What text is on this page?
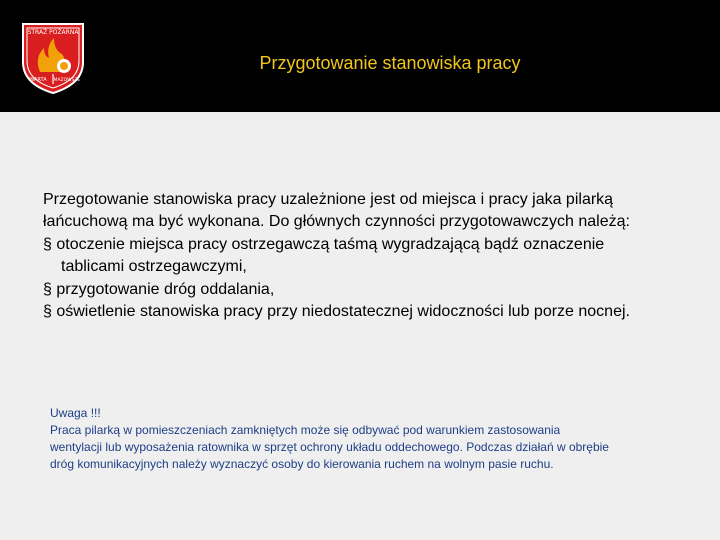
STRAŻ POŻARNA
WARTA MAZOWSZE
Przygotowanie stanowiska pracy

Przegotowanie stanowiska pracy uzależnione jest od miejsca i pracy jaka pilarką łańcuchową ma być wykonana. Do głównych czynności przygotowawczych należą:

§ otoczenie miejsca pracy ostrzegawczą taśmą wygradzającą bądź oznaczenie tablicami ostrzegawczymi,

§ przygotowanie dróg oddalania,

§ oświetlenie stanowiska pracy przy niedostatecznej widoczności lub porze nocnej.

Uwaga !!!

Praca pilarką w pomieszczeniach zamkniętych może się odbywać pod warunkiem zastosowania wentylacji lub wyposażenia ratownika w sprzęt ochrony układu oddechowego. Podczas działań w obrębie dróg komunikacyjnych należy wyznaczyć osoby do kierowania ruchem na wolnym pasie ruchu.
